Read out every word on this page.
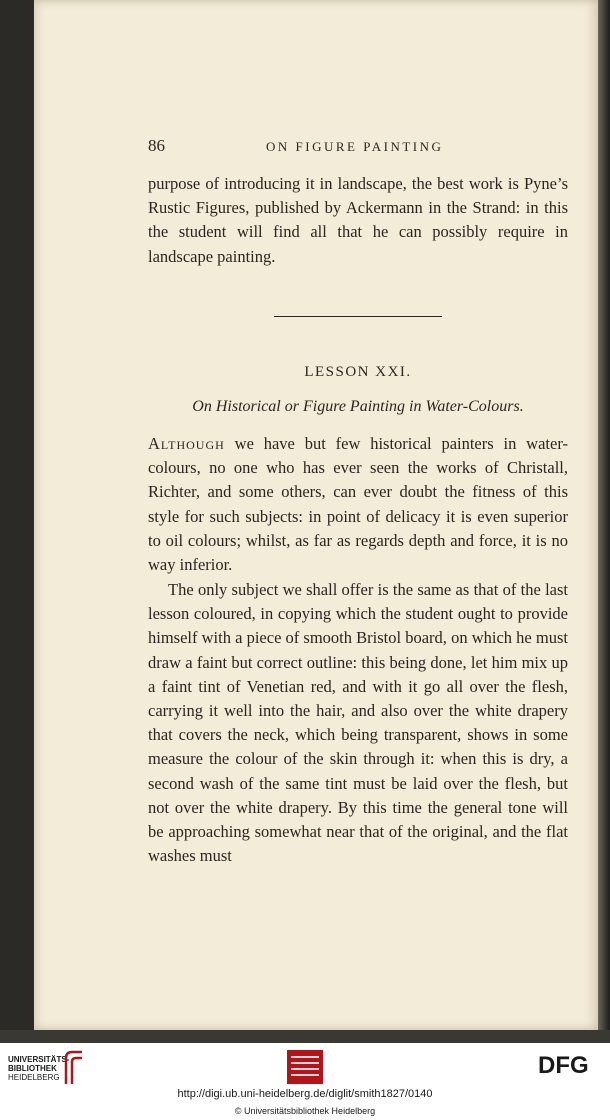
86	ON FIGURE PAINTING

purpose of introducing it in landscape, the best work is Pyne’s Rustic Figures, published by Ackermann in the Strand: in this the student will find all that he can possibly require in landscape painting.

LESSON XXI.
On Historical or Figure Painting in Water-Colours.

Although we have but few historical painters in water-colours, no one who has ever seen the works of Christall, Richter, and some others, can ever doubt the fitness of this style for such subjects: in point of delicacy it is even superior to oil colours; whilst, as far as regards depth and force, it is no way inferior.

The only subject we shall offer is the same as that of the last lesson coloured, in copying which the student ought to provide himself with a piece of smooth Bristol board, on which he must draw a faint but correct outline: this being done, let him mix up a faint tint of Venetian red, and with it go all over the flesh, carrying it well into the hair, and also over the white drapery that covers the neck, which being transparent, shows in some measure the colour of the skin through it: when this is dry, a second wash of the same tint must be laid over the flesh, but not over the white drapery. By this time the general tone will be approaching somewhat near that of the original, and the flat washes must

UNIVERSITÄTS-
BIBLIOTHEK
HEIDELBERG	DFG
http://digi.ub.uni-heidelberg.de/diglit/smith1827/0140
© Universitätsbibliothek Heidelberg
